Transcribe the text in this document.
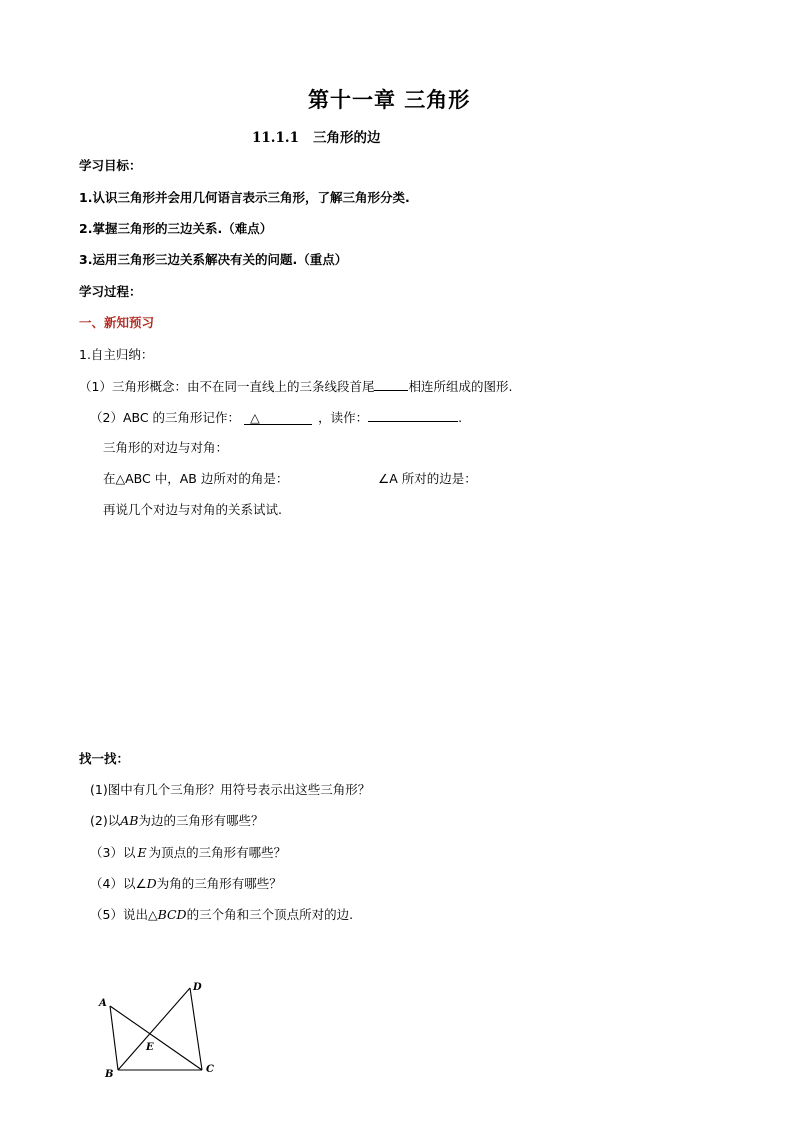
第十一章 三角形
11.1.1 三角形的边
学习目标：
1.认识三角形并会用几何语言表示三角形，了解三角形分类.
2.掌握三角形的三边关系.（难点）
3.运用三角形三边关系解决有关的问题.（重点）
学习过程：
一、新知预习
1.自主归纳：
（1）三角形概念：由不在同一直线上的三条线段首尾	相连所组成的图形.
（2）ABC 的三角形记作： △	，读作：	.
三角形的对边与对角：
在△ABC 中，AB 边所对的角是：	∠A 所对的边是：
再说几个对边与对角的关系试试.
找一找：
(1)图中有几个三角形？用符号表示出这些三角形？
(2)以AB为边的三角形有哪些？
（3）以 E 为顶点的三角形有哪些？
（4）以∠D为角的三角形有哪些？
（5）说出△BCD的三个角和三个顶点所对的边.
A
B	C
D
E
